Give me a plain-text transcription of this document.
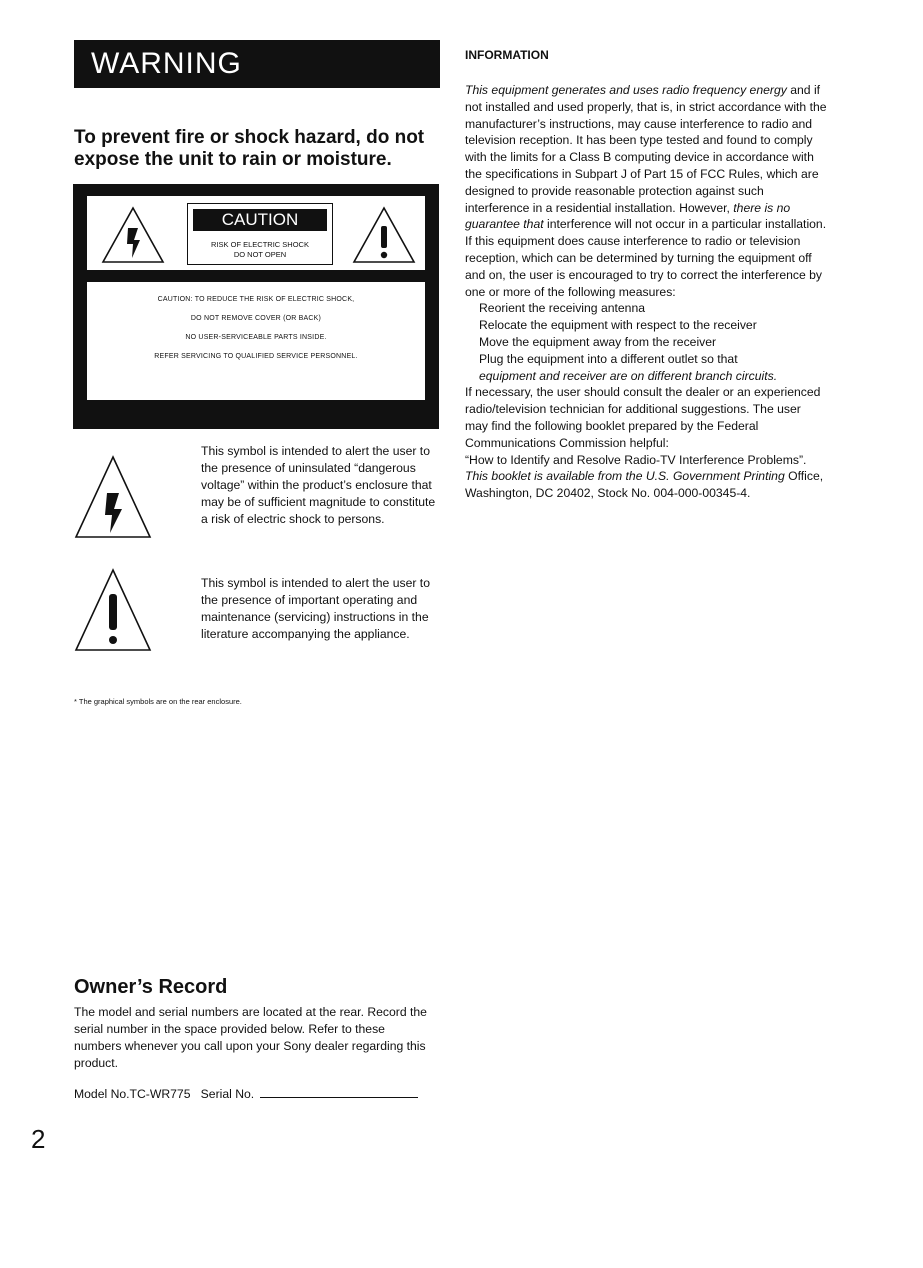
WARNING
To prevent fire or shock hazard, do not expose the unit to rain or moisture.
CAUTION
RISK OF ELECTRIC SHOCK
DO NOT OPEN
CAUTION: TO REDUCE THE RISK OF ELECTRIC SHOCK,
DO NOT REMOVE COVER (OR BACK)
NO USER-SERVICEABLE PARTS INSIDE.
REFER SERVICING TO QUALIFIED SERVICE PERSONNEL.
This symbol is intended to alert the user to the presence of uninsulated “dangerous voltage” within the product’s enclosure that may be of sufficient magnitude to constitute a risk of electric shock to persons.
This symbol is intended to alert the user to the presence of important operating and maintenance (servicing) instructions in the literature accompanying the appliance.
* The graphical symbols are on the rear enclosure.
Owner’s Record
The model and serial numbers are located at the rear. Record the serial number in the space provided below. Refer to these numbers whenever you call upon your Sony dealer regarding this product.
Model No.TC-WR775 Serial No.
2
INFORMATION
This equipment generates and uses radio frequency energy and if not installed and used properly, that is, in strict accordance with the manufacturer’s instructions, may cause interference to radio and television reception. It has been type tested and found to comply with the limits for a Class B computing device in accordance with the specifications in Subpart J of Part 15 of FCC Rules, which are designed to provide reasonable protection against such interference in a residential installation. However, there is no guarantee that interference will not occur in a particular installation. If this equipment does cause interference to radio or television reception, which can be determined by turning the equipment off and on, the user is encouraged to try to correct the interference by one or more of the following measures:
Reorient the receiving antenna
Relocate the equipment with respect to the receiver
Move the equipment away from the receiver
Plug the equipment into a different outlet so that
equipment and receiver are on different branch circuits.
If necessary, the user should consult the dealer or an experienced radio/television technician for additional suggestions. The user may find the following booklet prepared by the Federal Communications Commission helpful:
“How to Identify and Resolve Radio-TV Interference Problems”.
This booklet is available from the U.S. Government Printing Office, Washington, DC 20402, Stock No. 004-000-00345-4.
